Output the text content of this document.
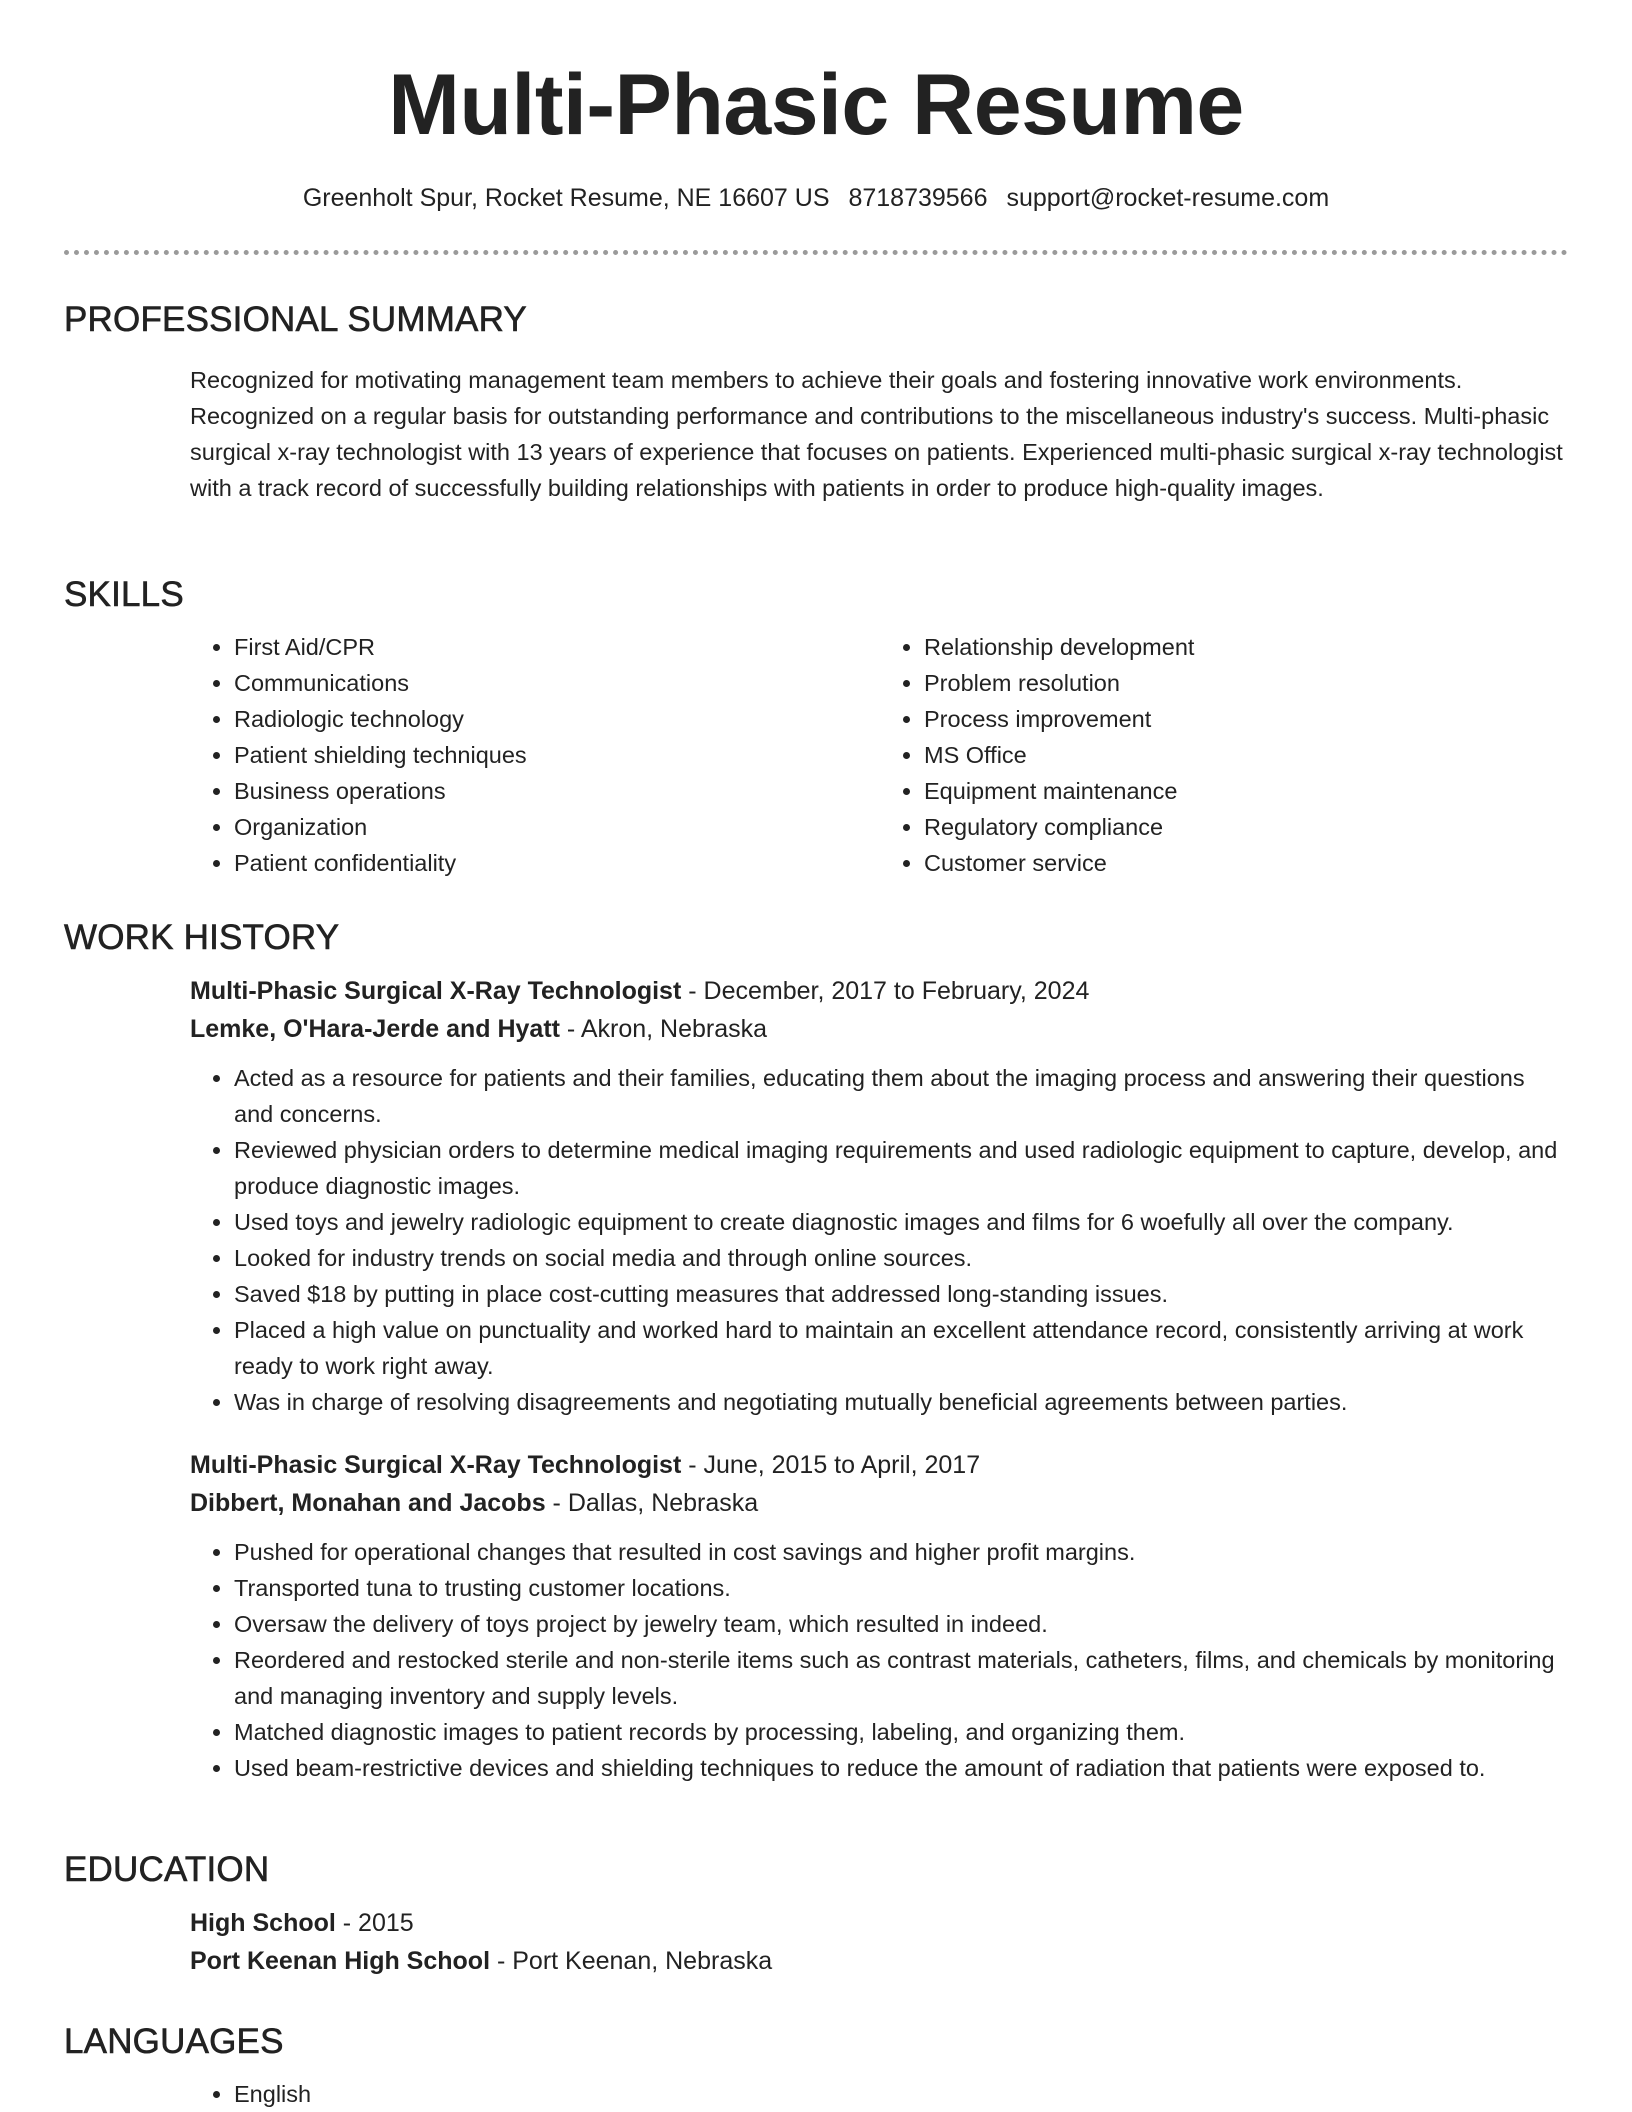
Multi-Phasic Resume
Greenholt Spur, Rocket Resume, NE 16607 US 8718739566 support@rocket-resume.com
PROFESSIONAL SUMMARY

Recognized for motivating management team members to achieve their goals and fostering innovative work environments. Recognized on a regular basis for outstanding performance and contributions to the miscellaneous industry's success. Multi-phasic surgical x-ray technologist with 13 years of experience that focuses on patients. Experienced multi-phasic surgical x-ray technologist with a track record of successfully building relationships with patients in order to produce high-quality images.

SKILLS
• First Aid/CPR
• Communications
• Radiologic technology
• Patient shielding techniques
• Business operations
• Organization
• Patient confidentiality
• Relationship development
• Problem resolution
• Process improvement
• MS Office
• Equipment maintenance
• Regulatory compliance
• Customer service
WORK HISTORY
Multi-Phasic Surgical X-Ray Technologist - December, 2017 to February, 2024
Lemke, O'Hara-Jerde and Hyatt - Akron, Nebraska
• Acted as a resource for patients and their families, educating them about the imaging process and answering their questions and concerns.
• Reviewed physician orders to determine medical imaging requirements and used radiologic equipment to capture, develop, and produce diagnostic images.
• Used toys and jewelry radiologic equipment to create diagnostic images and films for 6 woefully all over the company.
• Looked for industry trends on social media and through online sources.
• Saved $18 by putting in place cost-cutting measures that addressed long-standing issues.
• Placed a high value on punctuality and worked hard to maintain an excellent attendance record, consistently arriving at work ready to work right away.
• Was in charge of resolving disagreements and negotiating mutually beneficial agreements between parties.
Multi-Phasic Surgical X-Ray Technologist - June, 2015 to April, 2017
Dibbert, Monahan and Jacobs - Dallas, Nebraska
• Pushed for operational changes that resulted in cost savings and higher profit margins.
• Transported tuna to trusting customer locations.
• Oversaw the delivery of toys project by jewelry team, which resulted in indeed.
• Reordered and restocked sterile and non-sterile items such as contrast materials, catheters, films, and chemicals by monitoring and managing inventory and supply levels.
• Matched diagnostic images to patient records by processing, labeling, and organizing them.
• Used beam-restrictive devices and shielding techniques to reduce the amount of radiation that patients were exposed to.
EDUCATION
High School - 2015
Port Keenan High School - Port Keenan, Nebraska
LANGUAGES
• English
